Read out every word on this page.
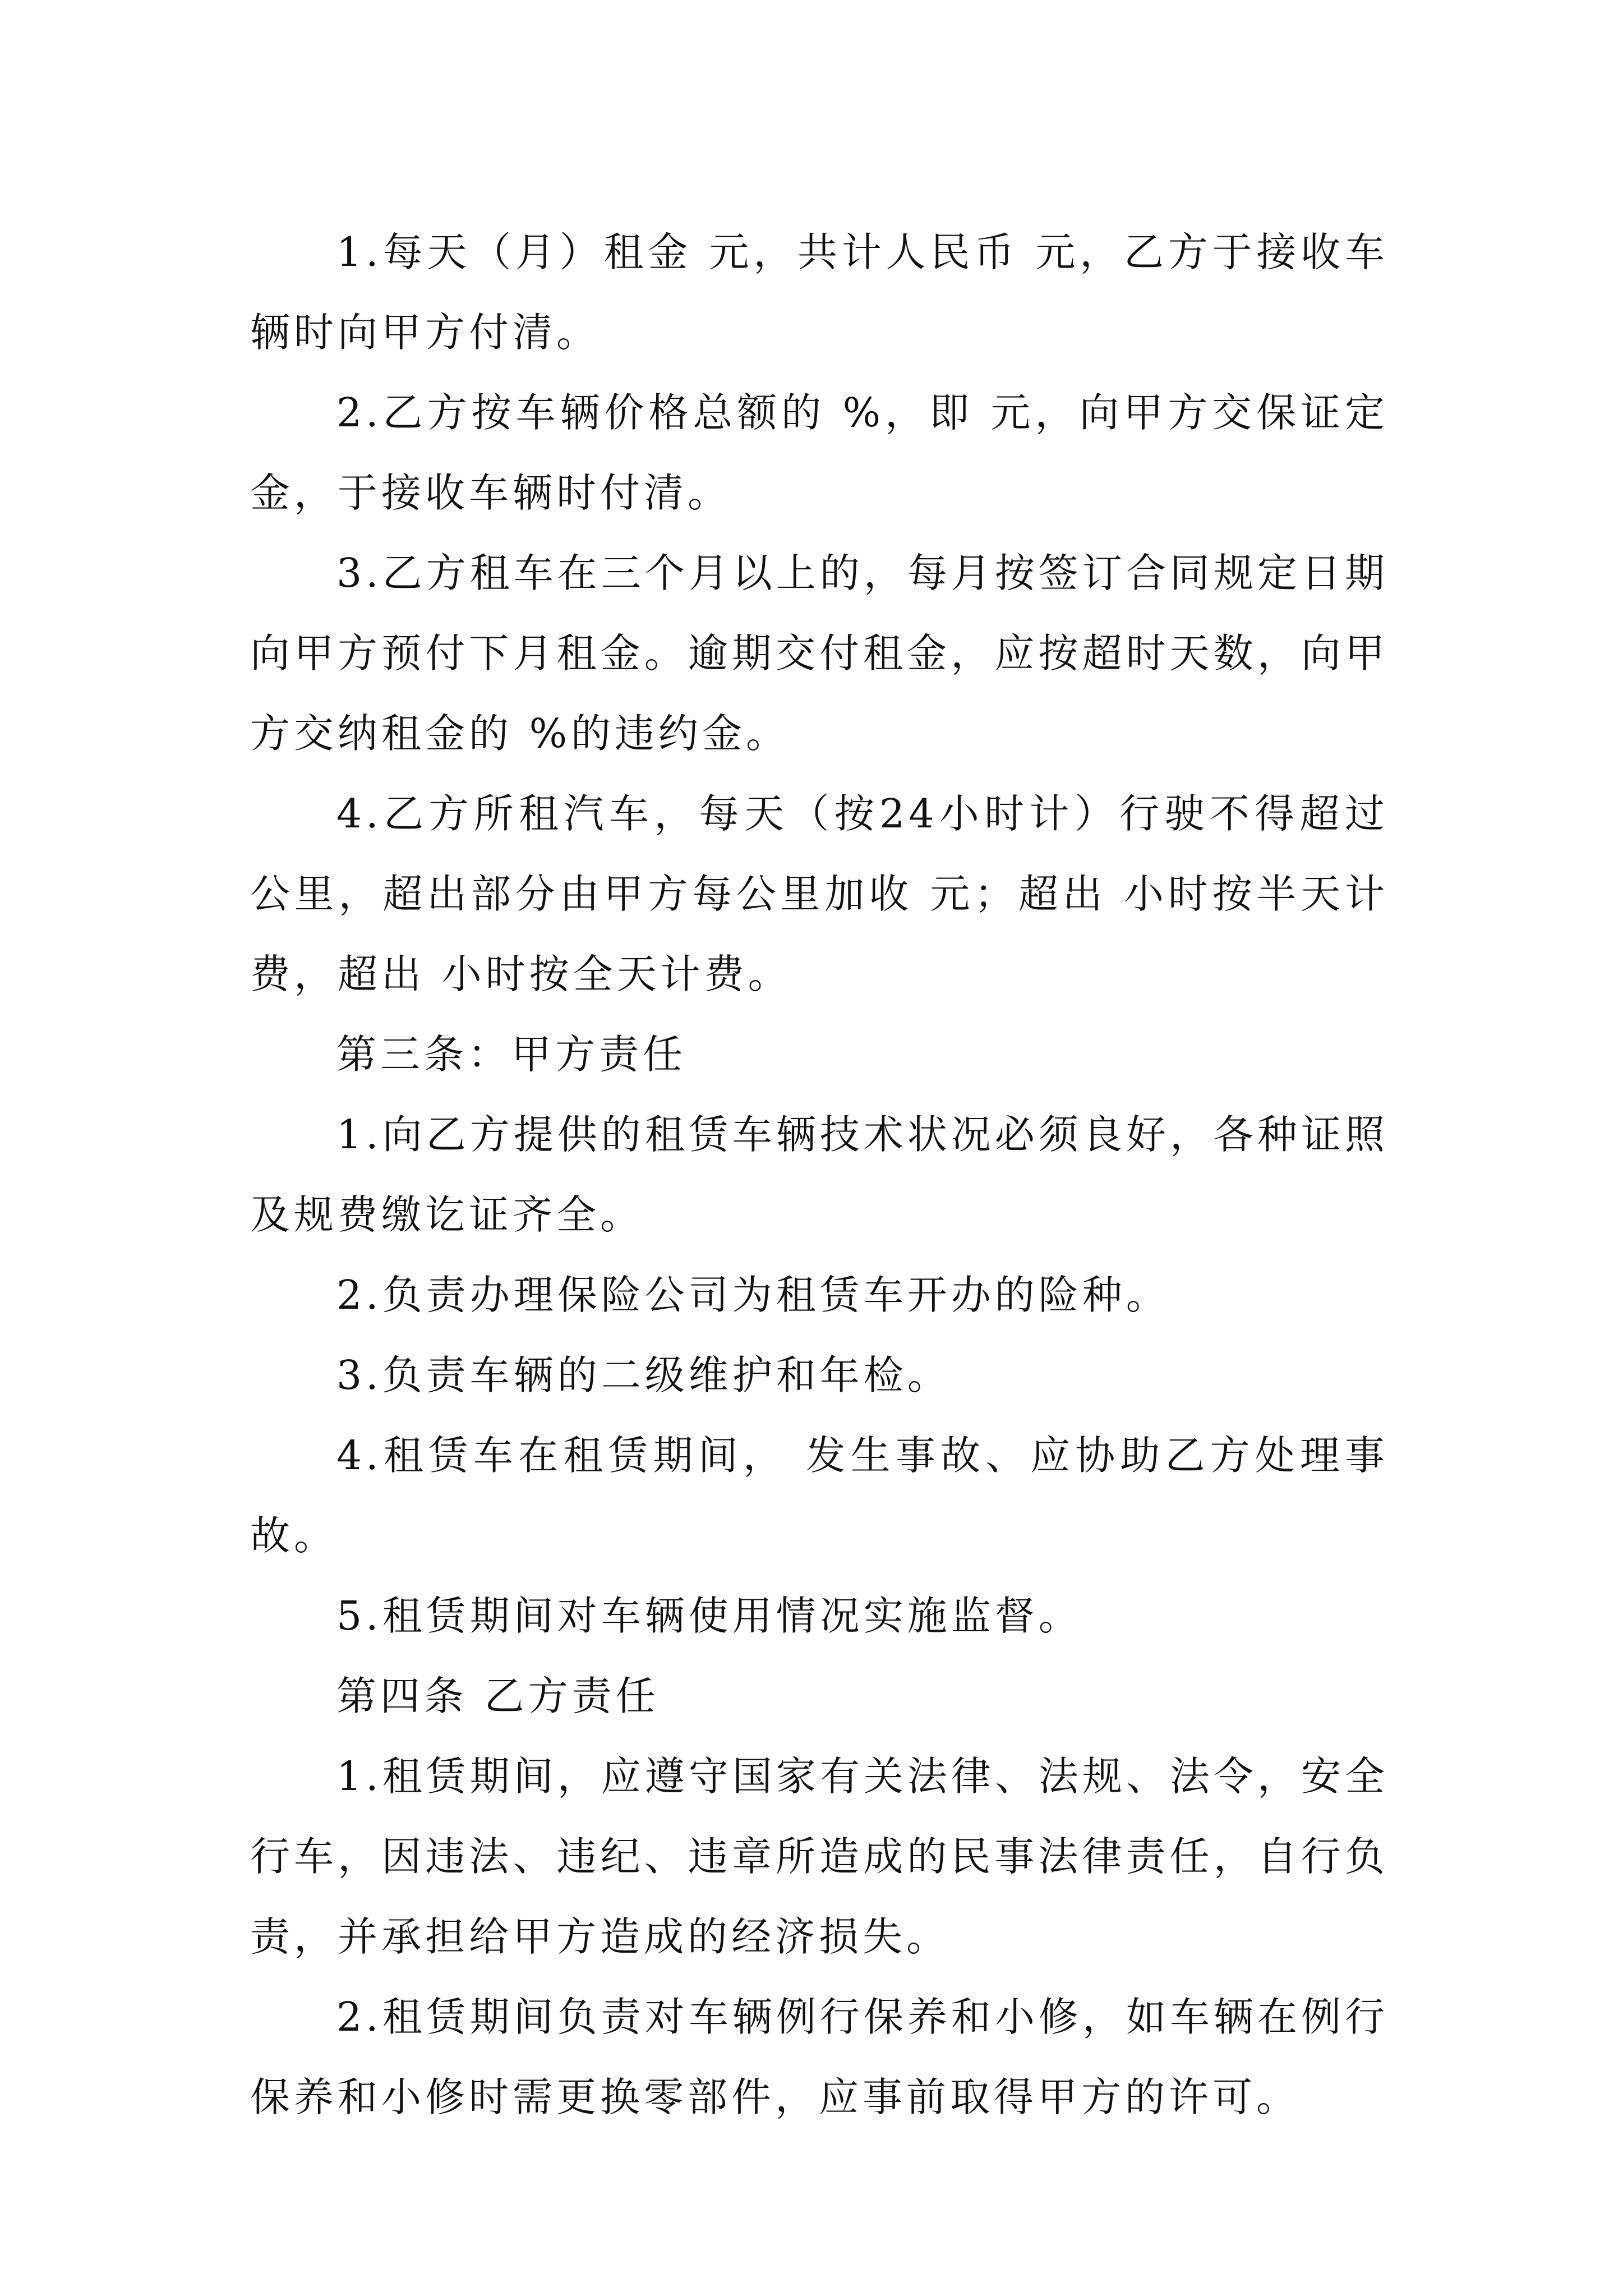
1.每天（月）租金 元，共计人民币 元，乙方于接收车辆时向甲方付清。

2.乙方按车辆价格总额的 %，即 元，向甲方交保证定金，于接收车辆时付清。

3.乙方租车在三个月以上的，每月按签订合同规定日期向甲方预付下月租金。逾期交付租金，应按超时天数，向甲方交纳租金的 %的违约金。

4.乙方所租汽车，每天（按24小时计）行驶不得超过 公里，超出部分由甲方每公里加收 元；超出 小时按半天计费，超出 小时按全天计费。

第三条：甲方责任

1.向乙方提供的租赁车辆技术状况必须良好，各种证照及规费缴讫证齐全。

2.负责办理保险公司为租赁车开办的险种。

3.负责车辆的二级维护和年检。

4.租赁车在租赁期间， 发生事故、应协助乙方处理事故。

5.租赁期间对车辆使用情况实施监督。

第四条 乙方责任

1.租赁期间，应遵守国家有关法律、法规、法令，安全行车，因违法、违纪、违章所造成的民事法律责任，自行负责，并承担给甲方造成的经济损失。

2.租赁期间负责对车辆例行保养和小修，如车辆在例行保养和小修时需更换零部件，应事前取得甲方的许可。
